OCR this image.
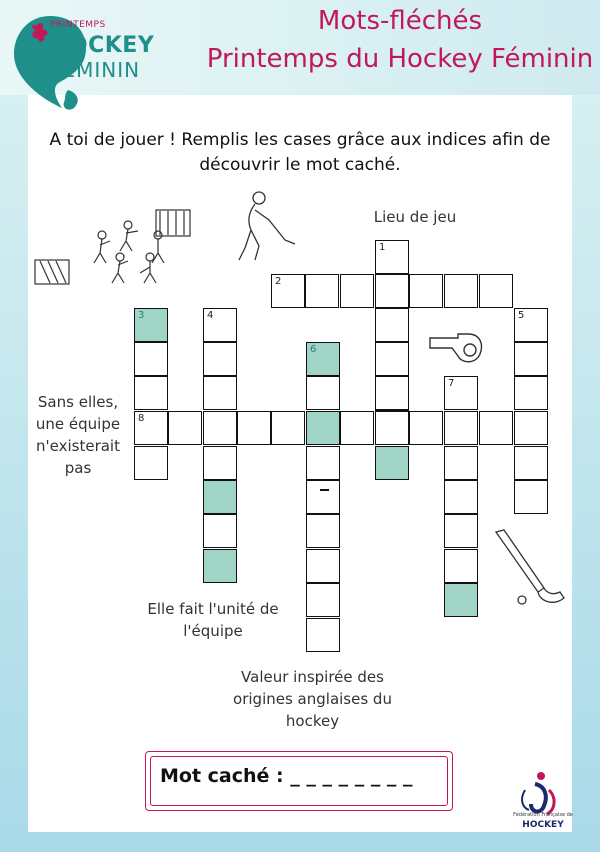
PRINTEMPS
HOCKEY
FEMININ
Mots-fléchés
Printemps du Hockey Féminin
A toi de jouer ! Remplis les cases grâce aux indices afin de
découvrir le mot caché.
Lieu de jeu
Sans elles,
une équipe
n'existerait
pas
Elle fait l'unité de
l'équipe
Valeur inspirée des
origines anglaises du
hockey
1
2
3	4	5
6
7
8
Mot caché : _ _ _ _ _ _ _ _
Fédération Française de
HOCKEY
